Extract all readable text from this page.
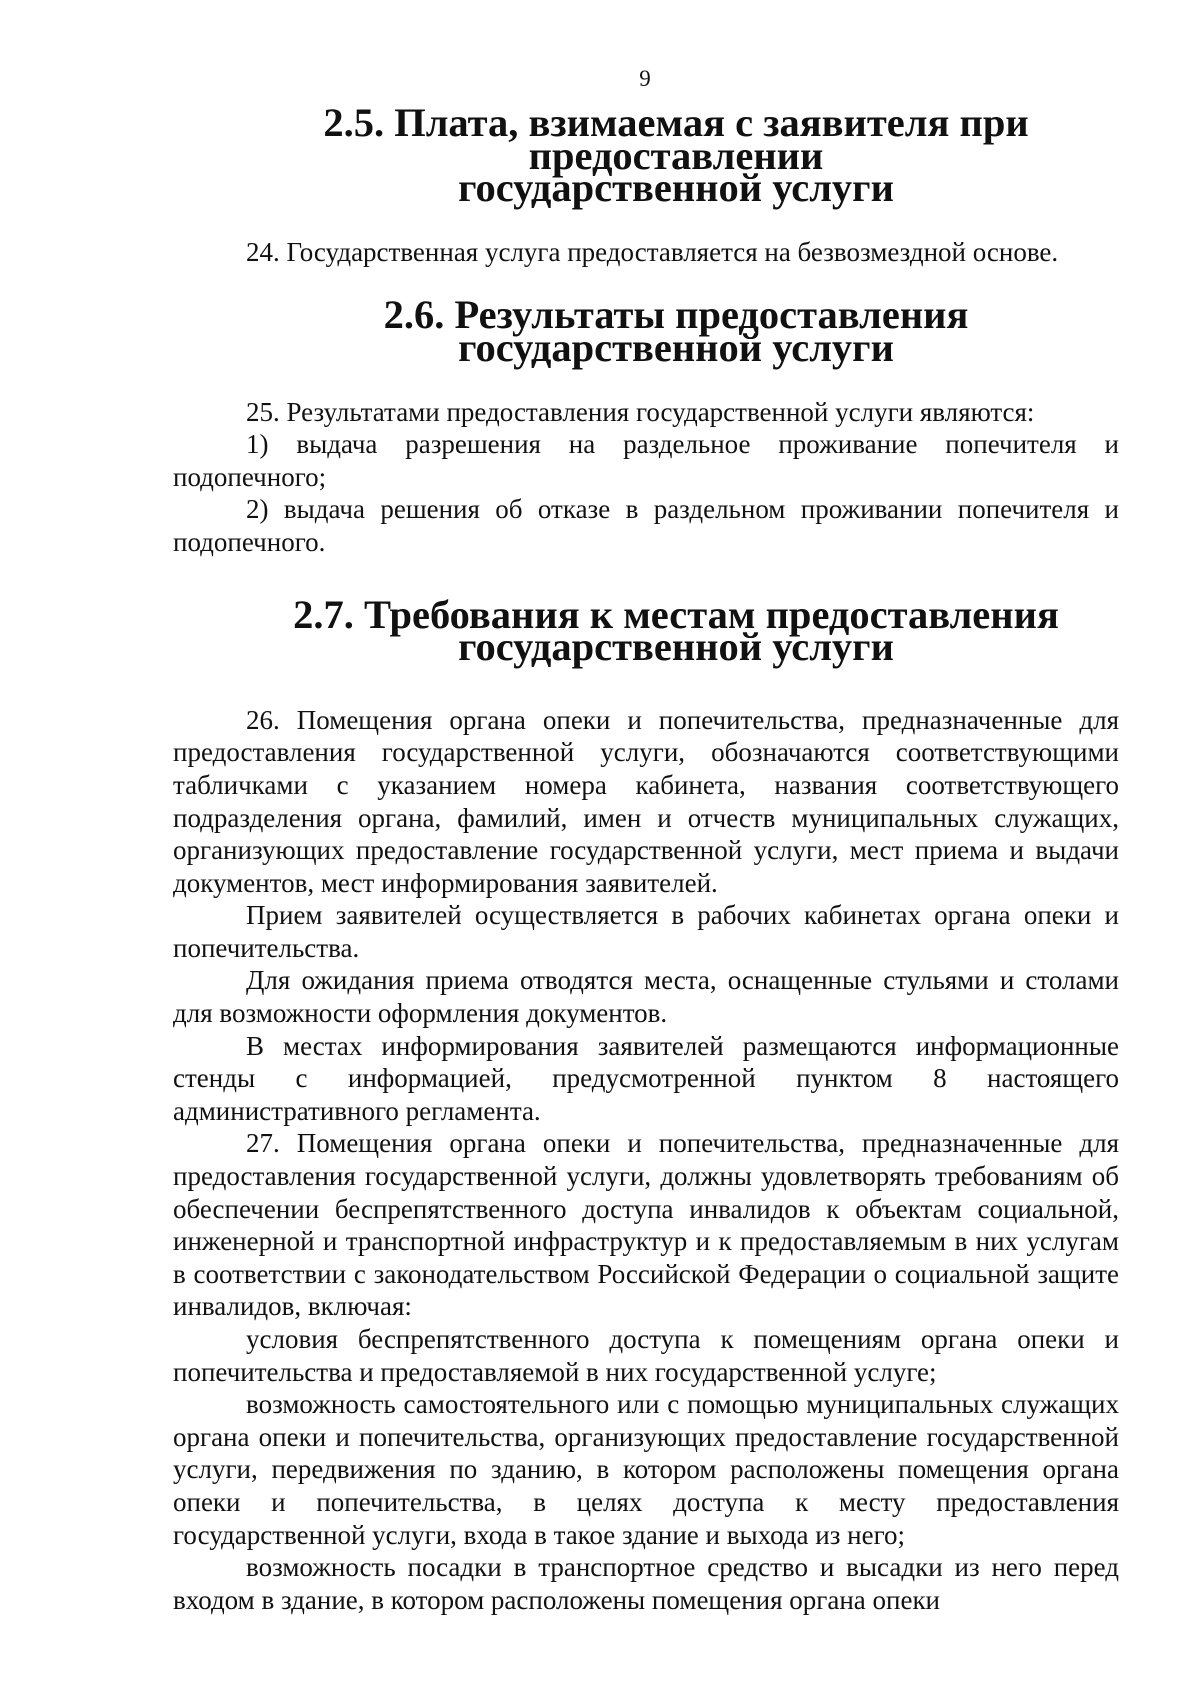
9
2.5. Плата, взимаемая с заявителя при предоставлении
государственной услуги

24. Государственная услуга предоставляется на безвозмездной основе.

2.6. Результаты предоставления государственной услуги

25. Результатами предоставления государственной услуги являются:

1) выдача разрешения на раздельное проживание попечителя и подопечного;

2) выдача решения об отказе в раздельном проживании попечителя и подопечного.

2.7. Требования к местам предоставления
государственной услуги

26. Помещения органа опеки и попечительства, предназначенные для предоставления государственной услуги, обозначаются соответствующими табличками с указанием номера кабинета, названия соответствующего подразделения органа, фамилий, имен и отчеств муниципальных служащих, организующих предоставление государственной услуги, мест приема и выдачи документов, мест информирования заявителей.

Прием заявителей осуществляется в рабочих кабинетах органа опеки и попечительства.

Для ожидания приема отводятся места, оснащенные стульями и столами для возможности оформления документов.

В местах информирования заявителей размещаются информационные стенды с информацией, предусмотренной пунктом 8 настоящего административного регламента.

27. Помещения органа опеки и попечительства, предназначенные для предоставления государственной услуги, должны удовлетворять требованиям об обеспечении беспрепятственного доступа инвалидов к объектам социальной, инженерной и транспортной инфраструктур и к предоставляемым в них услугам в соответствии с законодательством Российской Федерации о социальной защите инвалидов, включая:

условия беспрепятственного доступа к помещениям органа опеки и попечительства и предоставляемой в них государственной услуге;

возможность самостоятельного или с помощью муниципальных служащих органа опеки и попечительства, организующих предоставление государственной услуги, передвижения по зданию, в котором расположены помещения органа опеки и попечительства, в целях доступа к месту предоставления государственной услуги, входа в такое здание и выхода из него;

возможность посадки в транспортное средство и высадки из него перед входом в здание, в котором расположены помещения органа опеки
